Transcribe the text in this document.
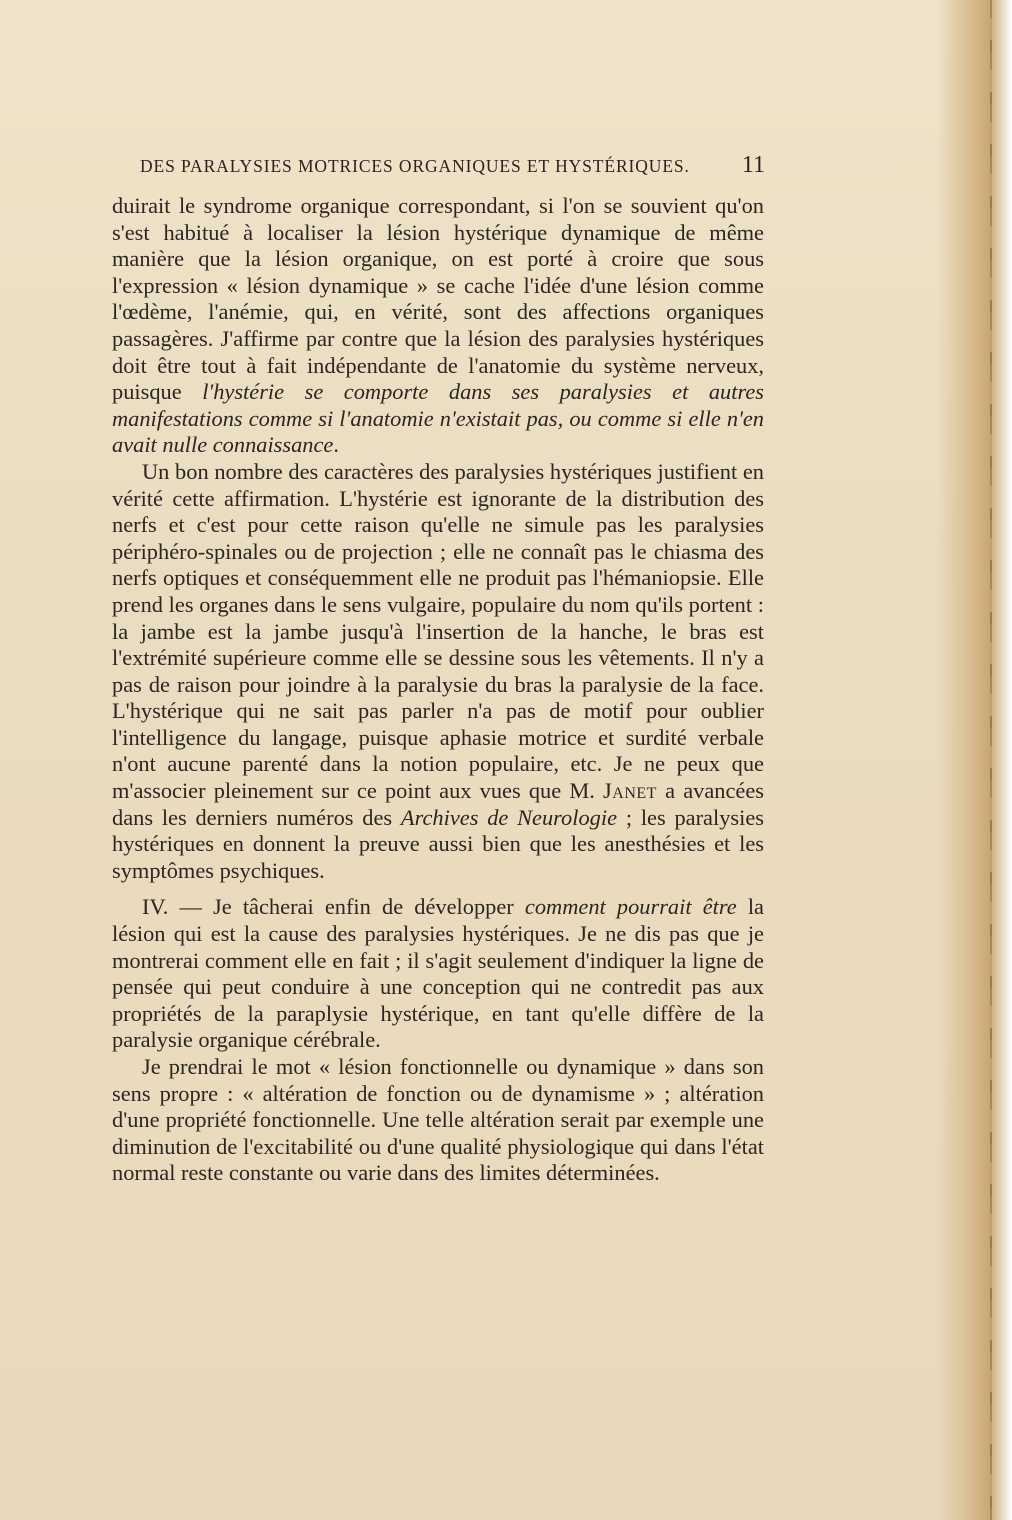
DES PARALYSIES MOTRICES ORGANIQUES ET HYSTÉRIQUES. 11

duirait le syndrome organique correspondant, si l'on se souvient qu'on s'est habitué à localiser la lésion hystérique dynamique de même manière que la lésion organique, on est porté à croire que sous l'expression « lésion dynamique » se cache l'idée d'une lésion comme l'œdème, l'anémie, qui, en vérité, sont des affections organiques passagères. J'affirme par contre que la lésion des paralysies hystériques doit être tout à fait indépendante de l'anatomie du système nerveux, puisque l'hystérie se comporte dans ses paralysies et autres manifestations comme si l'anatomie n'existait pas, ou comme si elle n'en avait nulle connaissance.

Un bon nombre des caractères des paralysies hystériques justifient en vérité cette affirmation. L'hystérie est ignorante de la distribution des nerfs et c'est pour cette raison qu'elle ne simule pas les paralysies périphéro-spinales ou de projection ; elle ne connaît pas le chiasma des nerfs optiques et conséquemment elle ne produit pas l'hémaniopsie. Elle prend les organes dans le sens vulgaire, populaire du nom qu'ils portent : la jambe est la jambe jusqu'à l'insertion de la hanche, le bras est l'extrémité supérieure comme elle se dessine sous les vêtements. Il n'y a pas de raison pour joindre à la paralysie du bras la paralysie de la face. L'hystérique qui ne sait pas parler n'a pas de motif pour oublier l'intelligence du langage, puisque aphasie motrice et surdité verbale n'ont aucune parenté dans la notion populaire, etc. Je ne peux que m'associer pleinement sur ce point aux vues que M. Janet a avancées dans les derniers numéros des Archives de Neurologie ; les paralysies hystériques en donnent la preuve aussi bien que les anesthésies et les symptômes psychiques.

IV. — Je tâcherai enfin de développer comment pourrait être la lésion qui est la cause des paralysies hystériques. Je ne dis pas que je montrerai comment elle en fait ; il s'agit seulement d'indiquer la ligne de pensée qui peut conduire à une conception qui ne contredit pas aux propriétés de la paraplysie hystérique, en tant qu'elle diffère de la paralysie organique cérébrale.

Je prendrai le mot « lésion fonctionnelle ou dynamique » dans son sens propre : « altération de fonction ou de dynamisme » ; altération d'une propriété fonctionnelle. Une telle altération serait par exemple une diminution de l'excitabilité ou d'une qualité physiologique qui dans l'état normal reste constante ou varie dans des limites déterminées.
